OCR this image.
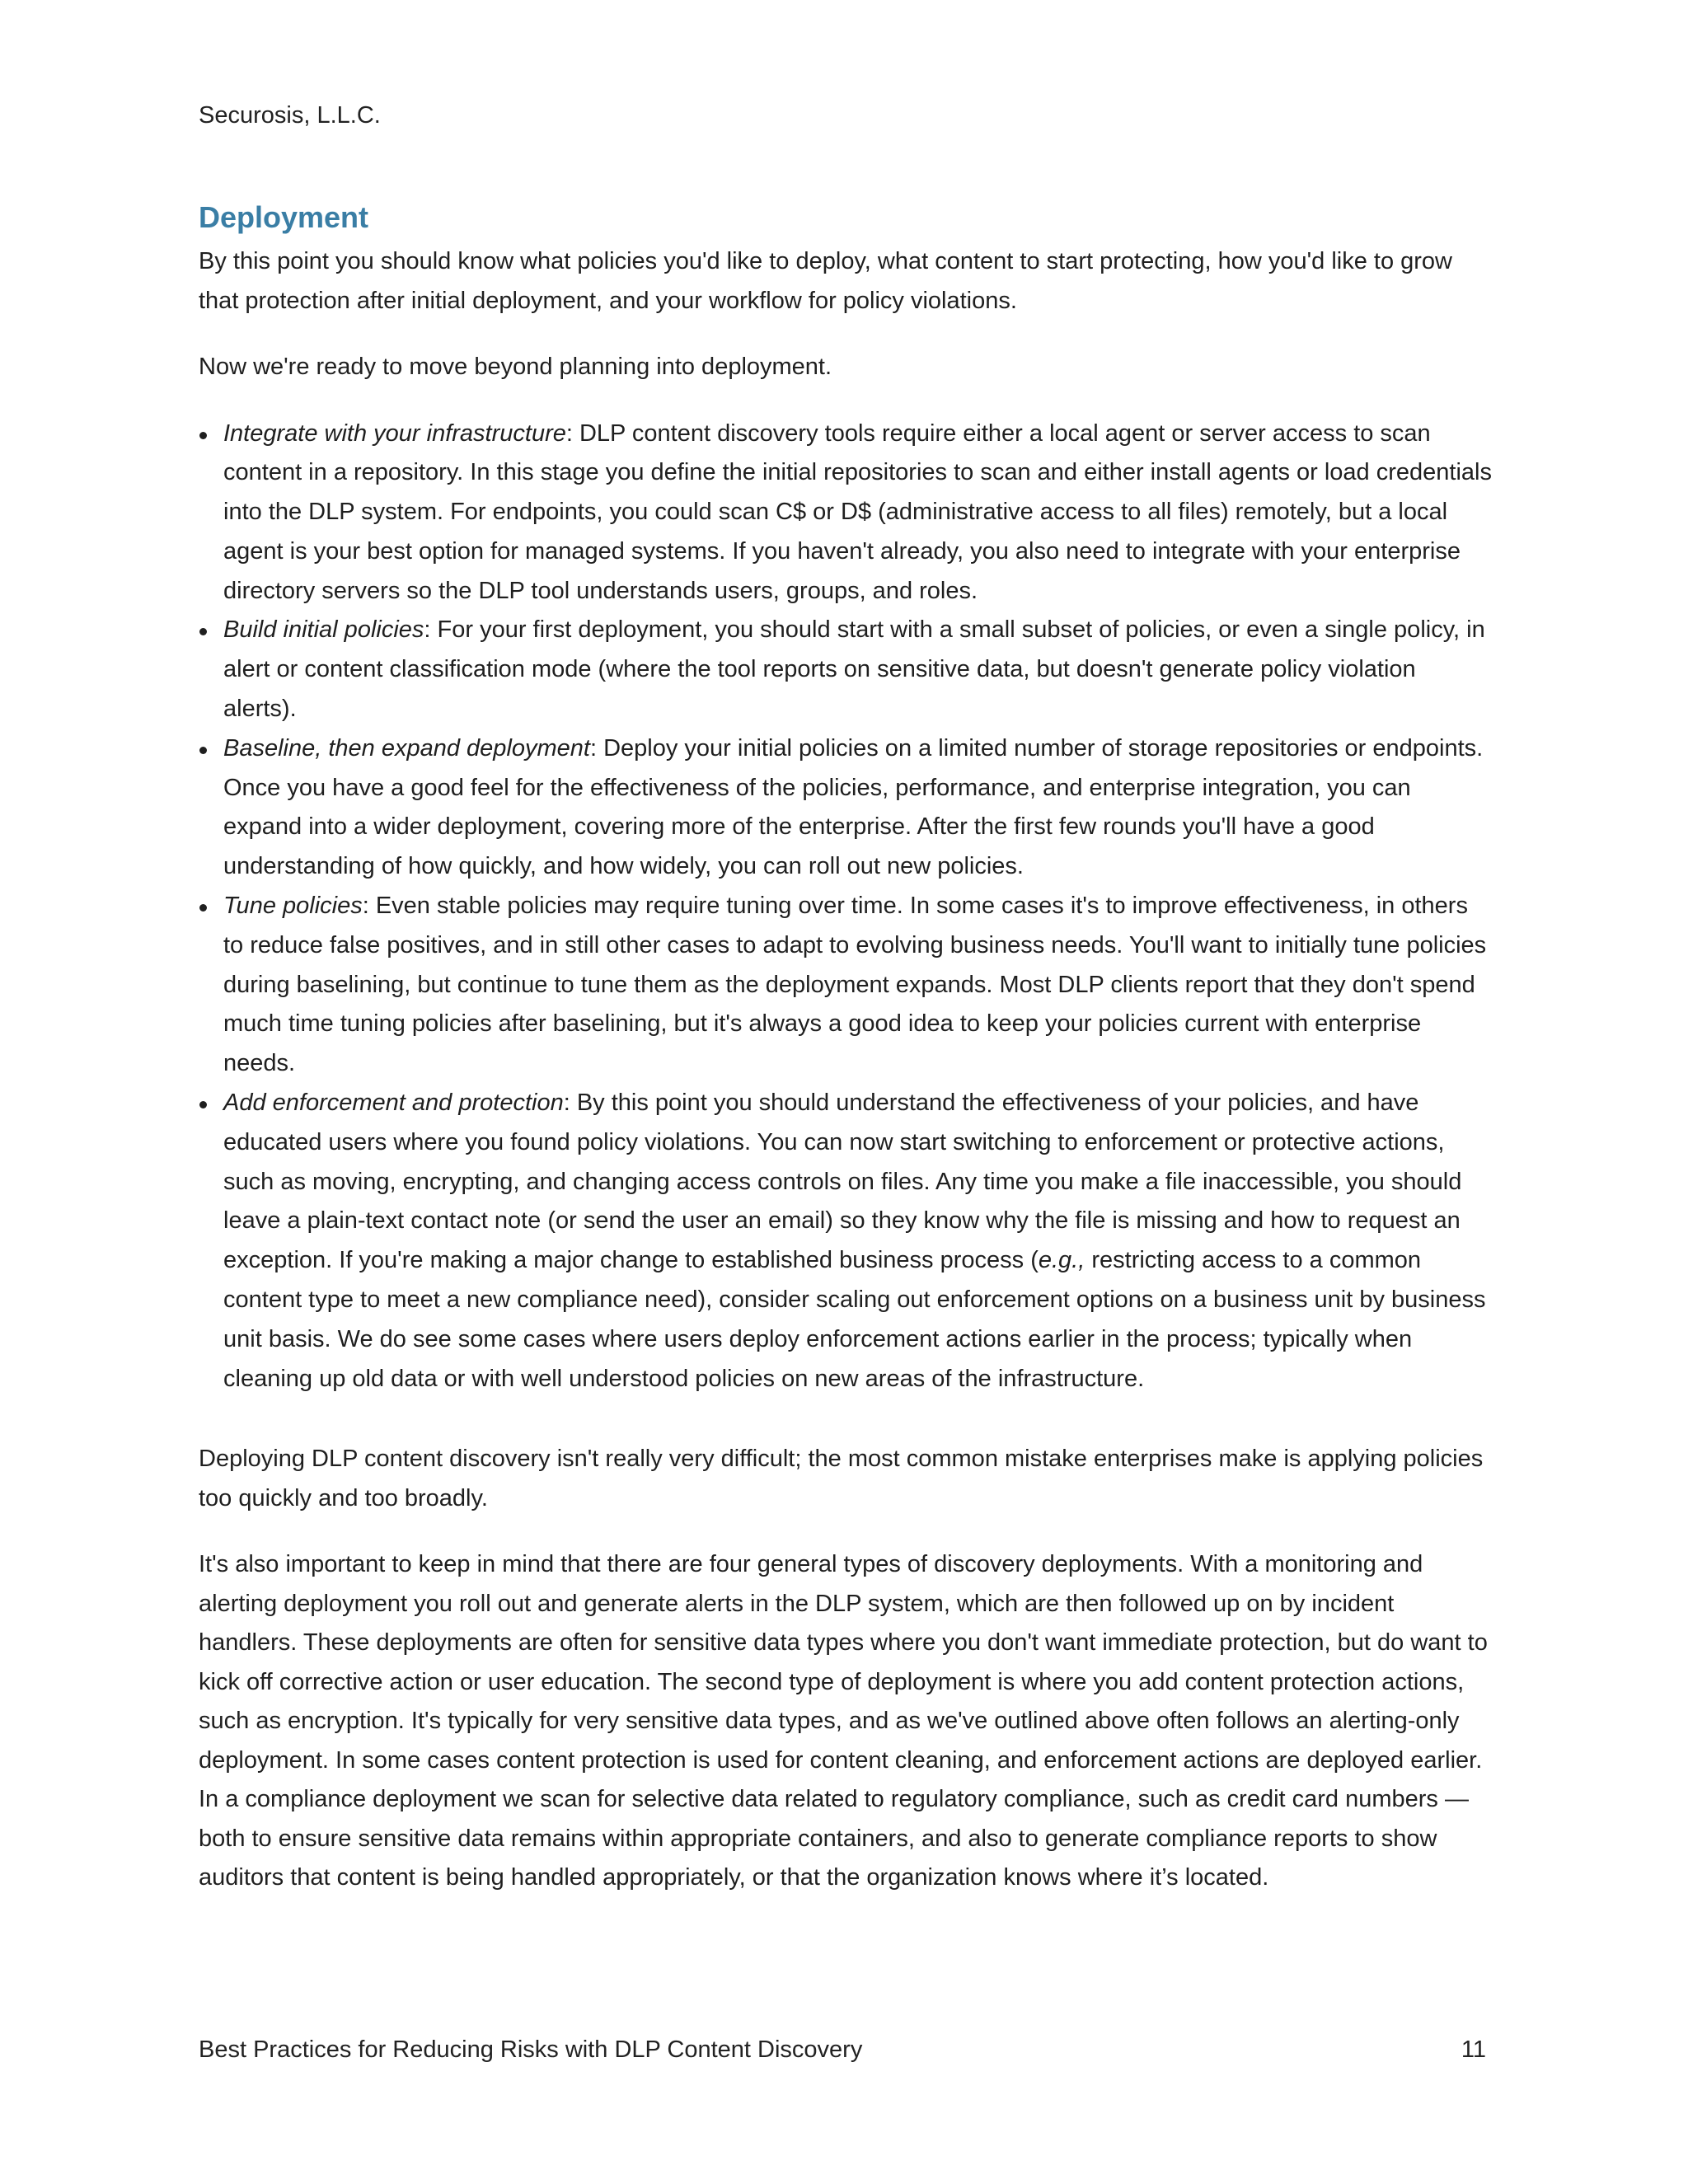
Securosis, L.L.C.
Deployment

By this point you should know what policies you'd like to deploy, what content to start protecting, how you'd like to grow that protection after initial deployment, and your workflow for policy violations.

Now we're ready to move beyond planning into deployment.

Integrate with your infrastructure: DLP content discovery tools require either a local agent or server access to scan content in a repository. In this stage you define the initial repositories to scan and either install agents or load credentials into the DLP system. For endpoints, you could scan C$ or D$ (administrative access to all files) remotely, but a local agent is your best option for managed systems. If you haven't already, you also need to integrate with your enterprise directory servers so the DLP tool understands users, groups, and roles.
Build initial policies: For your first deployment, you should start with a small subset of policies, or even a single policy, in alert or content classification mode (where the tool reports on sensitive data, but doesn't generate policy violation alerts).
Baseline, then expand deployment: Deploy your initial policies on a limited number of storage repositories or endpoints. Once you have a good feel for the effectiveness of the policies, performance, and enterprise integration, you can expand into a wider deployment, covering more of the enterprise. After the first few rounds you'll have a good understanding of how quickly, and how widely, you can roll out new policies.
Tune policies: Even stable policies may require tuning over time. In some cases it's to improve effectiveness, in others to reduce false positives, and in still other cases to adapt to evolving business needs. You'll want to initially tune policies during baselining, but continue to tune them as the deployment expands. Most DLP clients report that they don't spend much time tuning policies after baselining, but it's always a good idea to keep your policies current with enterprise needs.
Add enforcement and protection: By this point you should understand the effectiveness of your policies, and have educated users where you found policy violations. You can now start switching to enforcement or protective actions, such as moving, encrypting, and changing access controls on files. Any time you make a file inaccessible, you should leave a plain-text contact note (or send the user an email) so they know why the file is missing and how to request an exception. If you're making a major change to established business process (e.g., restricting access to a common content type to meet a new compliance need), consider scaling out enforcement options on a business unit by business unit basis. We do see some cases where users deploy enforcement actions earlier in the process; typically when cleaning up old data or with well understood policies on new areas of the infrastructure.

Deploying DLP content discovery isn't really very difficult; the most common mistake enterprises make is applying policies too quickly and too broadly.

It's also important to keep in mind that there are four general types of discovery deployments. With a monitoring and alerting deployment you roll out and generate alerts in the DLP system, which are then followed up on by incident handlers. These deployments are often for sensitive data types where you don't want immediate protection, but do want to kick off corrective action or user education. The second type of deployment is where you add content protection actions, such as encryption. It's typically for very sensitive data types, and as we've outlined above often follows an alerting-only deployment. In some cases content protection is used for content cleaning, and enforcement actions are deployed earlier. In a compliance deployment we scan for selective data related to regulatory compliance, such as credit card numbers — both to ensure sensitive data remains within appropriate containers, and also to generate compliance reports to show auditors that content is being handled appropriately, or that the organization knows where it’s located.

Best Practices for Reducing Risks with DLP Content Discovery	11
